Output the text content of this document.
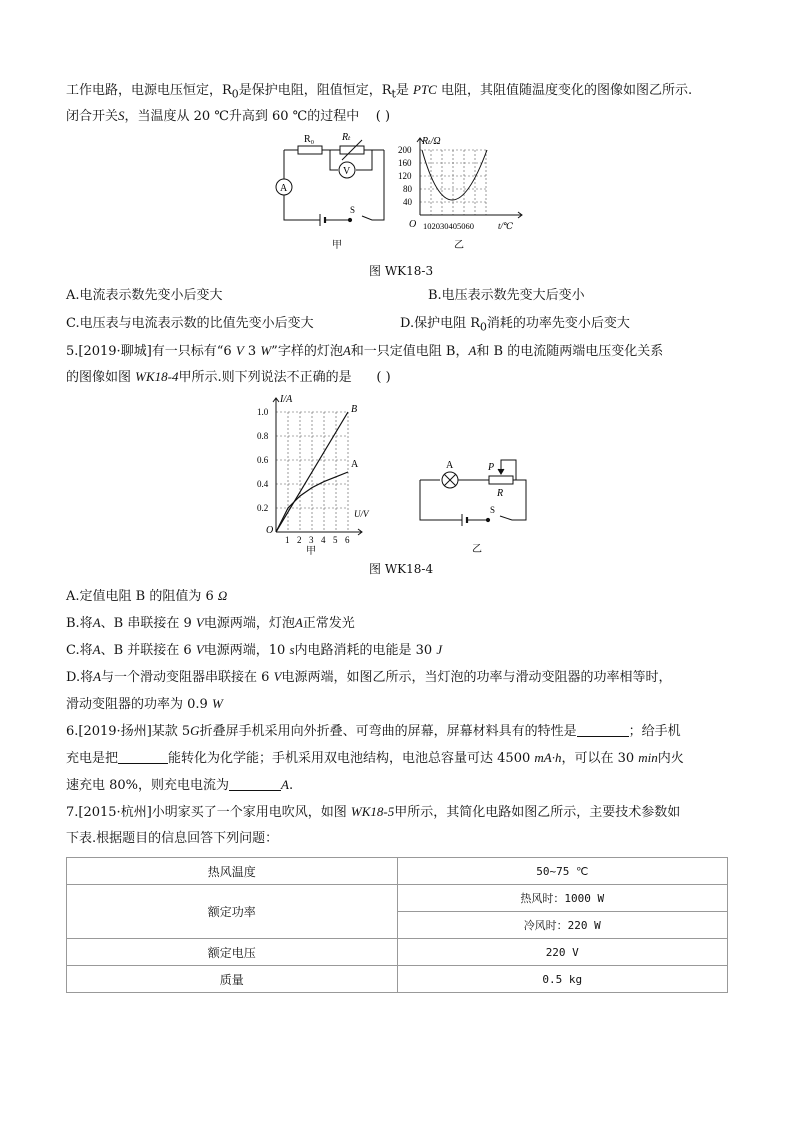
工作电路，电源电压恒定，$R_0$是保护电阻，阻值恒定，$R_t$是 PTC 电阻，其阻值随温度变化的图像如图乙所示.
闭合开关S，当温度从 20 ℃升高到 60 ℃的过程中 ( )
R₀	Rₜ
A
V
S
甲
Rₜ/Ω
200
160
120
80
40
O 102030405060	t/℃
乙
图 WK18-3
A.电流表示数先变小后变大	B.电压表示数先变大后变小
C.电压表与电流表示数的比值先变小后变大	D.保护电阻 $R_0$消耗的功率先变小后变大
5.[2019·聊城]有一只标有“6 V 3 W”字样的灯泡A和一只定值电阻 B，A和 B 的电流随两端电压变化关系
的图像如图 WK18-4甲所示.则下列说法不正确的是 ( )
I/A
1.0
0.8
0.6
0.4
0.2
O
1 2 3 4 5 6
U/V
B
A
甲
A	P
R
S
乙
图 WK18-4
A.定值电阻 B 的阻值为 6 Ω
B.将A、B 串联接在 9 V电源两端，灯泡A正常发光
C.将A、B 并联接在 6 V电源两端，10 s内电路消耗的电能是 30 J
D.将A与一个滑动变阻器串联接在 6 V电源两端，如图乙所示，当灯泡的功率与滑动变阻器的功率相等时，
滑动变阻器的功率为 0.9 W
6.[2019·扬州]某款 5G折叠屏手机采用向外折叠、可弯曲的屏幕，屏幕材料具有的特性是	；给手机
充电是把	能转化为化学能；手机采用双电池结构，电池总容量可达 4500 mA·h，可以在 30 min内火
速充电 80%，则充电电流为	A.
7.[2015·杭州]小明家买了一个家用电吹风，如图 WK18-5甲所示，其简化电路如图乙所示，主要技术参数如
下表.根据题目的信息回答下列问题：
热风温度	50~75 ℃
额定功率	热风时：1000 W
	冷风时：220 W
额定电压	220 V
质量	0.5 kg
